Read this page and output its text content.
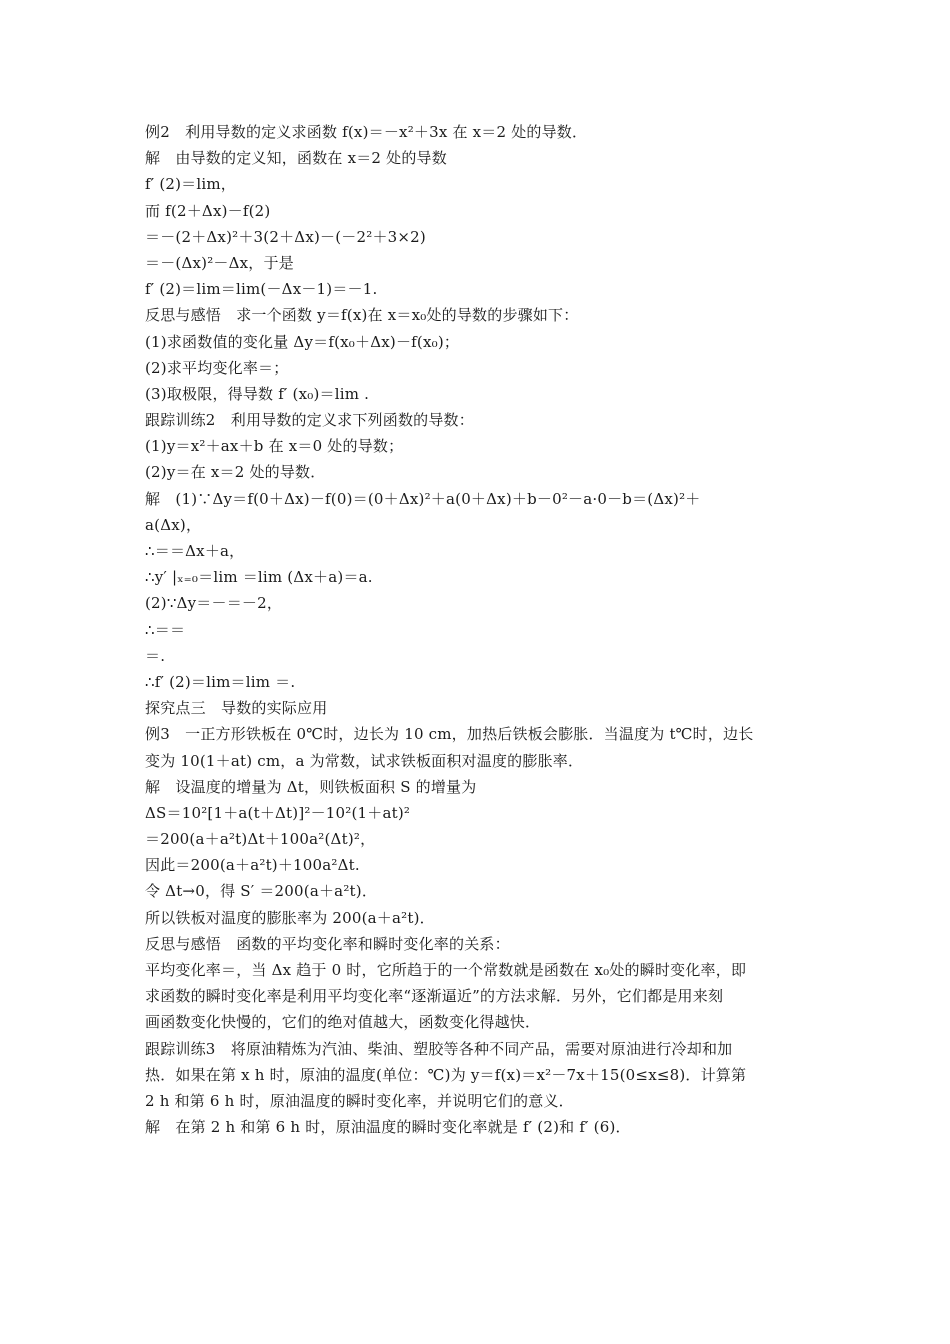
例2　利用导数的定义求函数 f(x)＝－x²＋3x 在 x＝2 处的导数．
解　由导数的定义知，函数在 x＝2 处的导数
f′ (2)＝lim，
而 f(2＋Δx)－f(2)
＝－(2＋Δx)²＋3(2＋Δx)－(－2²＋3×2)
＝－(Δx)²－Δx，于是
f′ (2)＝lim＝lim(－Δx－1)＝－1.
反思与感悟　求一个函数 y＝f(x)在 x＝x₀处的导数的步骤如下：
(1)求函数值的变化量 Δy＝f(x₀＋Δx)－f(x₀)；
(2)求平均变化率＝；
(3)取极限，得导数 f′ (x₀)＝lim .
跟踪训练2　利用导数的定义求下列函数的导数：
(1)y＝x²＋ax＋b 在 x＝0 处的导数；
(2)y＝在 x＝2 处的导数．
解　(1)∵Δy＝f(0＋Δx)－f(0)＝(0＋Δx)²＋a(0＋Δx)＋b－0²－a·0－b＝(Δx)²＋
a(Δx)，
∴＝＝Δx＋a，
∴y′ |ₓ₌₀＝lim ＝lim (Δx＋a)＝a.
(2)∵Δy＝－＝－2，
∴＝＝
＝.
∴f′ (2)＝lim＝lim ＝.
探究点三　导数的实际应用
例3　一正方形铁板在 0℃时，边长为 10 cm，加热后铁板会膨胀．当温度为 t℃时，边长
变为 10(1＋at) cm，a 为常数，试求铁板面积对温度的膨胀率．
解　设温度的增量为 Δt，则铁板面积 S 的增量为
ΔS＝10²[1＋a(t＋Δt)]²－10²(1＋at)²
＝200(a＋a²t)Δt＋100a²(Δt)²，
因此＝200(a＋a²t)＋100a²Δt.
令 Δt→0，得 S′ ＝200(a＋a²t)．
所以铁板对温度的膨胀率为 200(a＋a²t)．
反思与感悟　函数的平均变化率和瞬时变化率的关系：
平均变化率＝，当 Δx 趋于 0 时，它所趋于的一个常数就是函数在 x₀处的瞬时变化率，即
求函数的瞬时变化率是利用平均变化率“逐渐逼近”的方法求解．另外，它们都是用来刻
画函数变化快慢的，它们的绝对值越大，函数变化得越快．
跟踪训练3　将原油精炼为汽油、柴油、塑胶等各种不同产品，需要对原油进行冷却和加
热．如果在第 x h 时，原油的温度(单位：℃)为 y＝f(x)＝x²－7x＋15(0≤x≤8)．计算第
2 h 和第 6 h 时，原油温度的瞬时变化率，并说明它们的意义．
解　在第 2 h 和第 6 h 时，原油温度的瞬时变化率就是 f′ (2)和 f′ (6)．
